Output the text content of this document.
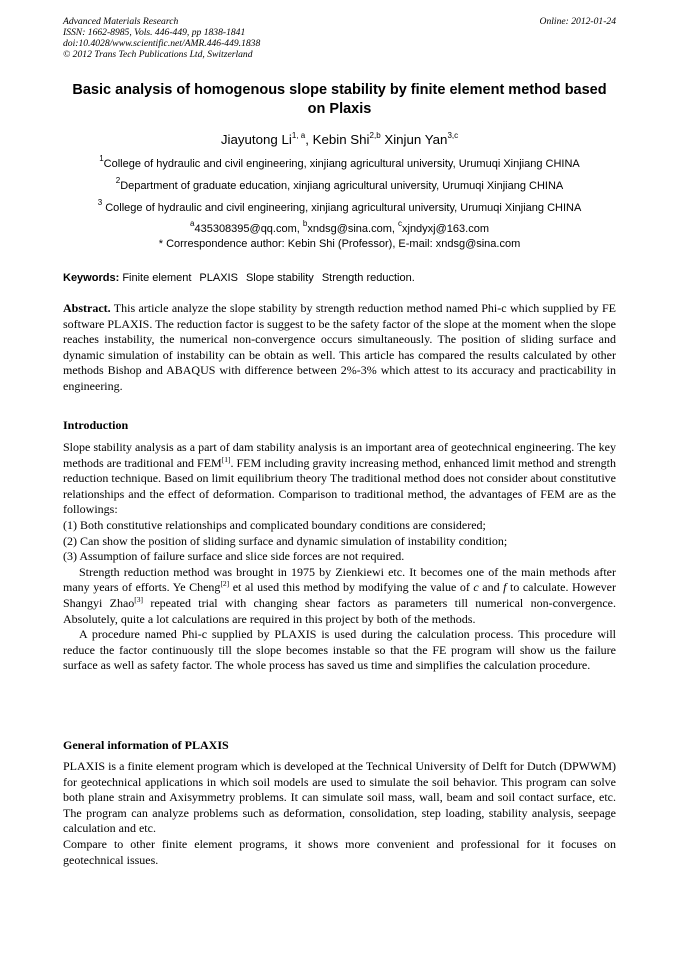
Advanced Materials Research
ISSN: 1662-8985, Vols. 446-449, pp 1838-1841
doi:10.4028/www.scientific.net/AMR.446-449.1838
© 2012 Trans Tech Publications Ltd, Switzerland
Online: 2012-01-24
Basic analysis of homogenous slope stability by finite element method based on Plaxis
Jiayutong Li$^{1, a}$, Kebin Shi$^{2,b}$ Xinjun Yan$^{3,c}$
$^1$College of hydraulic and civil engineering, xinjiang agricultural university, Urumuqi Xinjiang CHINA
$^2$Department of graduate education, xinjiang agricultural university, Urumuqi Xinjiang CHINA
$^3$ College of hydraulic and civil engineering, xinjiang agricultural university, Urumuqi Xinjiang CHINA
$^a$435308395@qq.com, $^b$xndsg@sina.com, $^c$xjndyxj@163.com
* Correspondence author: Kebin Shi (Professor), E-mail: xndsg@sina.com
Keywords: Finite element PLAXIS Slope stability Strength reduction.

Abstract. This article analyze the slope stability by strength reduction method named Phi-c which supplied by FE software PLAXIS. The reduction factor is suggest to be the safety factor of the slope at the moment when the slope reaches instability, the numerical non-convergence occurs simultaneously. The position of sliding surface and dynamic simulation of instability can be obtain as well. This article has compared the results calculated by other methods Bishop and ABAQUS with difference between 2%-3% which attest to its accuracy and practicability in engineering.

Introduction

Slope stability analysis as a part of dam stability analysis is an important area of geotechnical engineering. The key methods are traditional and FEM[1]. FEM including gravity increasing method, enhanced limit method and strength reduction technique. Based on limit equilibrium theory The traditional method does not consider about constitutive relationships and the effect of deformation. Comparison to traditional method, the advantages of FEM are as the followings:

(1) Both constitutive relationships and complicated boundary conditions are considered;

(2) Can show the position of sliding surface and dynamic simulation of instability condition;

(3) Assumption of failure surface and slice side forces are not required.

Strength reduction method was brought in 1975 by Zienkiewi etc. It becomes one of the main methods after many years of efforts. Ye Cheng[2] et al used this method by modifying the value of c and f to calculate. However Shangyi Zhao[3] repeated trial with changing shear factors as parameters till numerical non-convergence. Absolutely, quite a lot calculations are required in this project by both of the methods.

A procedure named Phi-c supplied by PLAXIS is used during the calculation process. This procedure will reduce the factor continuously till the slope becomes instable so that the FE program will show us the failure surface as well as safety factor. The whole process has saved us time and simplifies the calculation procedure.

General information of PLAXIS

PLAXIS is a finite element program which is developed at the Technical University of Delft for Dutch (DPWWM) for geotechnical applications in which soil models are used to simulate the soil behavior. This program can solve both plane strain and Axisymmetry problems. It can simulate soil mass, wall, beam and soil contact surface, etc. The program can analyze problems such as deformation, consolidation, step loading, stability analysis, seepage calculation and etc.

Compare to other finite element programs, it shows more convenient and professional for it focuses on geotechnical issues.
